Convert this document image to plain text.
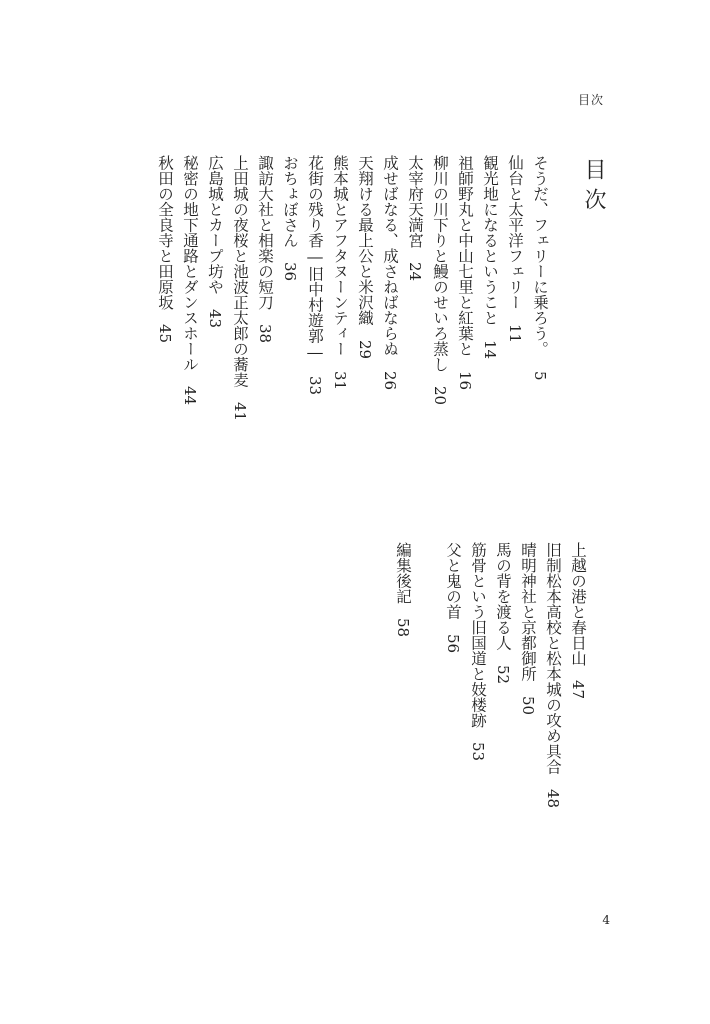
目次
目次
そうだ、フェリーに乗ろう。5
仙台と太平洋フェリー11
観光地になるということ14
祖師野丸と中山七里と紅葉と16
柳川の川下りと鰻のせいろ蒸し20
太宰府天満宮24
成せばなる、成さねばならぬ26
天翔ける最上公と米沢織29
熊本城とアフタヌーンティー31
花街の残り香―旧中村遊郭―33
おちょぼさん36
諏訪大社と相楽の短刀38
上田城の夜桜と池波正太郎の蕎麦41
広島城とカープ坊や43
秘密の地下通路とダンスホール44
秋田の全良寺と田原坂45
上越の港と春日山47
旧制松本高校と松本城の攻め具合48
晴明神社と京都御所50
馬の背を渡る人52
筋骨という旧国道と妓楼跡53
父と鬼の首56
編集後記58
4
